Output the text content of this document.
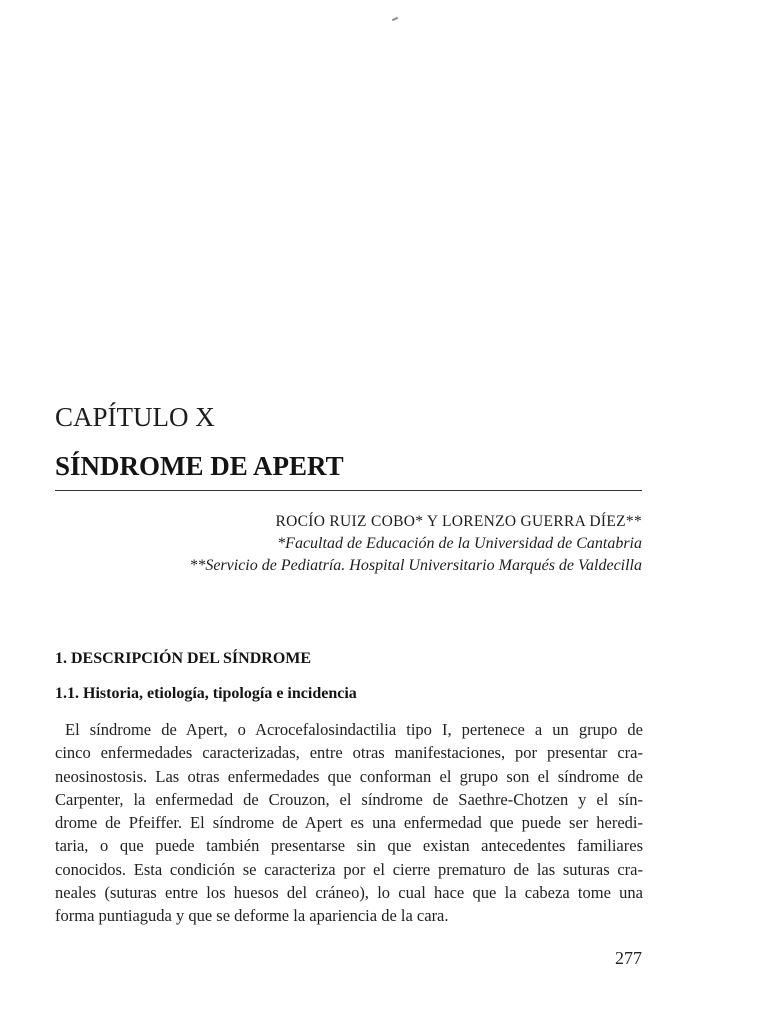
CAPÍTULO X
SÍNDROME DE APERT
ROCÍO RUIZ COBO* Y LORENZO GUERRA DÍEZ**
*Facultad de Educación de la Universidad de Cantabria
**Servicio de Pediatría. Hospital Universitario Marqués de Valdecilla
1. DESCRIPCIÓN DEL SÍNDROME
1.1. Historia, etiología, tipología e incidencia
El síndrome de Apert, o Acrocefalosindactilia tipo I, pertenece a un grupo de
cinco enfermedades caracterizadas, entre otras manifestaciones, por presentar cra-
neosinostosis. Las otras enfermedades que conforman el grupo son el síndrome de
Carpenter, la enfermedad de Crouzon, el síndrome de Saethre-Chotzen y el sín-
drome de Pfeiffer. El síndrome de Apert es una enfermedad que puede ser heredi-
taria, o que puede también presentarse sin que existan antecedentes familiares
conocidos. Esta condición se caracteriza por el cierre prematuro de las suturas cra-
neales (suturas entre los huesos del cráneo), lo cual hace que la cabeza tome una
forma puntiaguda y que se deforme la apariencia de la cara.
277
